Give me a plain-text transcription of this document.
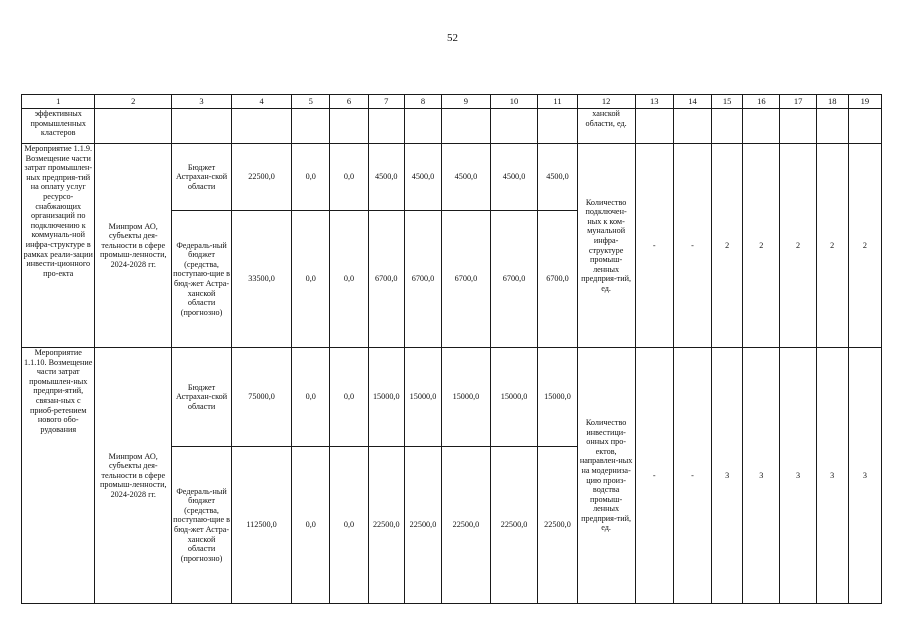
52
1	2	3	4	5	6	7	8	9	10	11	12	13	14	15	16	17	18	19
эффективных промышленных кластеров											ханской области, ед.							
Мероприятие 1.1.9. Возмещение части затрат промышлен-ных предприя-тий на оплату услуг ресурсо-снабжающих организаций по подключению к коммуналь-ной инфра-структуре в рамках реали-зации инвести-ционного про-екта	Минпром АО, субъекты дея-тельности в сфере промыш-ленности, 2024-2028 гг.	Бюджет Астрахан-ской области	22500,0	0,0	0,0	4500,0	4500,0	4500,0	4500,0	4500,0	Количество подключен-ных к ком-мунальной инфра-структуре промыш-ленных предприя-тий, ед.	-	-	2	2	2	2	2
		Федераль-ный бюджет (средства, поступаю-щие в бюд-жет Астра-ханской области (прогнозно)	33500,0	0,0	0,0	6700,0	6700,0	6700,0	6700,0	6700,0								
Мероприятие 1.1.10. Возмещение части затрат промышлен-ных предпри-ятий, связан-ных с приоб-ретением нового обо-рудования	Минпром АО, субъекты дея-тельности в сфере промыш-ленности, 2024-2028 гг.	Бюджет Астрахан-ской области	75000,0	0,0	0,0	15000,0	15000,0	15000,0	15000,0	15000,0	Количество инвестици-онных про-ектов, направлен-ных на модерниза-цию произ-водства промыш-ленных предприя-тий, ед.	-	-	3	3	3	3	3
		Федераль-ный бюджет (средства, поступаю-щие в бюд-жет Астра-ханской области (прогнозно)	112500,0	0,0	0,0	22500,0	22500,0	22500,0	22500,0	22500,0								
